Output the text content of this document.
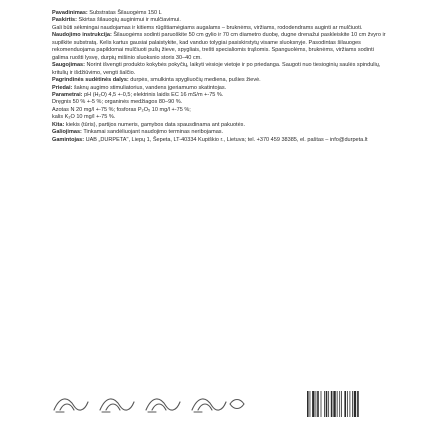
Pavadinimas: Substratas Šilauogėms 150 L

Paskirtis: Skirtas šilauogių auginimui ir mulčiavimui.

Gali būti sėkmingai naudojamas ir kitiems rūgštiamėgiams augalams – bruknėms, viržiams, rododendrams auginti ar mulčiuoti.

Naudojimo instrukcija: Šilauogėms sodinti paruoškite 50 cm gylio ir 70 cm diametro duobę, dugne drenažui paskleiskite 10 cm žvyro ir supilkite substratą. Kelis kartus gausiai palaistykite, kad vanduo tolygiai pasiskirstytų visame sluoksnyje. Pasodintas šilauoges rekomenduojama papildomai mulčiuoti pušų žieve, spygliais, trešti specialiomis trąšomis. Spanguolėms, bruknėms, viržiams sodinti galima ruošti lysvę, durpių mišinio sluoksnio storis 30–40 cm.

Saugojimas: Norint išvengti produkto kokybės pokyčių, laikyti vėsioje vietoje ir po priedanga. Saugoti nuo tiesioginių saulės spindulių, kritulių ir išdžiūvimo, vengti šalčio.

Pagrindinės sudėtinės dalys: durpės, smulkinta spygliuočių mediena, pušies žievė.

Priedai: šaknų augimo stimuliatorius, vandens įgeriamumo skatintojas.

Parametrai: pH (H₂O) 4,5 +-0,5; elektrinis laidis EC 16 mS/m +-75 %.

Dręgnis 50 % +-5 %; organinės medžiagos 80–90 %.

Azotas N 20 mg/l +-75 %; fosforas P₂O₅ 10 mg/l +-75 %;

kalis K₂O 10 mg/l +-75 %.

Kita: kiekis (tūris), partijos numeris, gamybos data spausdinama ant pakuotės.

Galiojimas: Tinkamai sandėliuojant naudojimo terminas neribojamas.

Gamintojas: UAB „DURPETA", Liepų 1, Šepeta, LT-40334 Kupiškio r., Lietuva; tel. +370 459 38385, el. paštas – info@durpeta.lt
